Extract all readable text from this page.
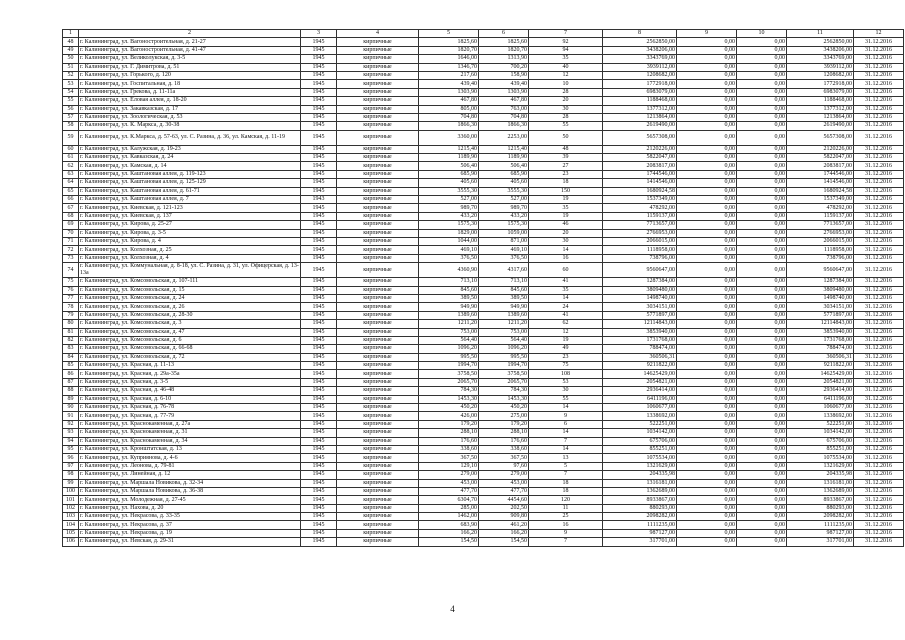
1	2	3	4	5	6	7	8	9	10	11	12
48	г. Калининград, ул. Вагоностроительная, д. 21-27	1945	кирпичные	1825,60	1825,60	92	2562850,00	0,00	0,00	2562850,00	31.12.2016
49	г. Калининград, ул. Вагоностроительная, д. 41-47	1945	кирпичные	1820,70	1820,70	94	3438206,00	0,00	0,00	3438206,00	31.12.2016
50	г. Калининград, ул. Великолукская, д. 3-5	1945	кирпичные	1646,00	1313,90	35	3343769,00	0,00	0,00	3343769,00	31.12.2016
51	г. Калининград, ул. Г. Димитрова, д. 51	1945	кирпичные	1346,70	700,20	40	3939112,00	0,00	0,00	3939112,00	31.12.2016
52	г. Калининград, ул. Горького, д. 120	1945	кирпичные	217,60	158,90	12	1208682,00	0,00	0,00	1208682,00	31.12.2016
53	г. Калининград, ул. Госпитальная, д. 18	1945	кирпичные	439,40	439,40	10	1772918,00	0,00	0,00	1772918,00	31.12.2016
54	г. Калининград, ул. Грекова, д. 11-11а	1945	кирпичные	1303,90	1303,90	28	6983079,00	0,00	0,00	6983079,00	31.12.2016
55	г. Калининград, ул. Еловая аллея, д. 18-20	1945	кирпичные	467,80	467,80	20	1188468,00	0,00	0,00	1188468,00	31.12.2016
56	г. Калининград, ул. Закавказская, д. 17	1945	кирпичные	805,00	763,00	30	1377312,00	0,00	0,00	1377312,00	31.12.2016
57	г. Калининград, ул. Зоологическая, д. 53	1945	кирпичные	704,80	704,80	28	1213864,00	0,00	0,00	1213864,00	31.12.2016
58	г. Калининград, ул. К. Маркса, д. 30-38	1945	кирпичные	1866,30	1866,30	55	2619490,00	0,00	0,00	2619490,00	31.12.2016
59	г. Калининград, ул. К.Маркса, д. 57-63, ул. С. Разина, д. 36, ул. Камская, д. 11-19	1945	кирпичные	3360,00	2253,00	50	5657308,00	0,00	0,00	5657308,00	31.12.2016
60	г. Калининград, ул. Калужская, д. 19-23	1945	кирпичные	1215,40	1215,40	48	2120226,00	0,00	0,00	2120226,00	31.12.2016
61	г. Калининград, ул. Кавказская, д. 24	1945	кирпичные	1189,90	1189,90	39	5822047,00	0,00	0,00	5822047,00	31.12.2016
62	г. Калининград, ул. Камская, д. 14	1945	кирпичные	506,40	506,40	27	2083817,00	0,00	0,00	2083817,00	31.12.2016
63	г. Калининград, ул. Каштановая аллея, д. 119-123	1945	кирпичные	685,90	685,90	23	1744546,00	0,00	0,00	1744546,00	31.12.2016
64	г. Калининград, ул. Каштановая аллея, д. 125-129	1945	кирпичные	405,60	405,60	18	1414546,00	0,00	0,00	1414546,00	31.12.2016
65	г. Калининград, ул. Каштановая аллея, д. 61-71	1945	кирпичные	3555,30	3555,30	150	1680924,58	0,00	0,00	1680924,58	31.12.2016
66	г. Калининград, ул. Каштановая аллея, д. 7	1943	кирпичные	527,00	527,00	19	1537349,00	0,00	0,00	1537349,00	31.12.2016
67	г. Калининград, ул. Киевская, д. 121-123	1945	кирпичные	989,70	989,70	35	478292,00	0,00	0,00	478292,00	31.12.2016
68	г. Калининград, ул. Киевская, д. 137	1945	кирпичные	433,20	433,20	19	1159137,00	0,00	0,00	1159137,00	31.12.2016
69	г. Калининград, ул. Кирова, д. 25-27	1945	кирпичные	1575,30	1575,30	46	7713657,00	0,00	0,00	7713657,00	31.12.2016
70	г. Калининград, ул. Кирова, д. 3-5	1945	кирпичные	1829,00	1059,00	20	2766953,00	0,00	0,00	2766953,00	31.12.2016
71	г. Калининград, ул. Кирова, д. 4	1945	кирпичные	1044,00	871,00	30	2066015,00	0,00	0,00	2066015,00	31.12.2016
72	г. Калининград, ул. Колхозная, д. 25	1945	кирпичные	469,10	469,10	14	1118958,00	0,00	0,00	1118958,00	31.12.2016
73	г. Калининград, ул. Колхозная, д. 4	1945	кирпичные	376,50	376,50	16	738796,00	0,00	0,00	738796,00	31.12.2016
74	г. Калининград, ул. Коммунальная, д. 8-18, ул. С. Разина, д. 31, ул. Офицерская, д. 13-13а	1945	кирпичные	4360,90	4317,60	60	9560647,00	0,00	0,00	9560647,00	31.12.2016
75	г. Калининград, ул. Комсомольская, д. 107-111	1945	кирпичные	713,10	713,10	41	1287384,00	0,00	0,00	1287384,00	31.12.2016
76	г. Калининград, ул. Комсомольская, д. 15	1945	кирпичные	845,60	845,60	35	3809480,00	0,00	0,00	3809480,00	31.12.2016
77	г. Калининград, ул. Комсомольская, д. 24	1945	кирпичные	389,50	389,50	14	1498740,00	0,00	0,00	1498740,00	31.12.2016
78	г. Калининград, ул. Комсомольская, д. 26	1945	кирпичные	949,90	949,90	24	3034151,00	0,00	0,00	3034151,00	31.12.2016
79	г. Калининград, ул. Комсомольская, д. 28-30	1945	кирпичные	1389,60	1389,60	41	5771897,00	0,00	0,00	5771897,00	31.12.2016
80	г. Калининград, ул. Комсомольская, д. 3	1945	кирпичные	1211,20	1211,20	62	12114843,00	0,00	0,00	12114843,00	31.12.2016
81	г. Калининград, ул. Комсомольская, д. 47	1945	кирпичные	753,00	753,00	12	3853940,00	0,00	0,00	3853940,00	31.12.2016
82	г. Калининград, ул. Комсомольская, д. 6	1945	кирпичные	564,40	564,40	19	1731768,00	0,00	0,00	1731768,00	31.12.2016
83	г. Калининград, ул. Комсомольская, д. 66-68	1945	кирпичные	1096,20	1096,20	49	788474,00	0,00	0,00	788474,00	31.12.2016
84	г. Калининград, ул. Комсомольская, д. 72	1945	кирпичные	995,50	995,50	23	360506,31	0,00	0,00	360506,31	31.12.2016
85	г. Калининград, ул. Красная, д. 11-13	1945	кирпичные	1994,70	1994,70	75	9211822,00	0,00	0,00	9211822,00	31.12.2016
86	г. Калининград, ул. Красная, д. 29а-35а	1945	кирпичные	3758,50	3758,50	108	14625429,00	0,00	0,00	14625429,00	31.12.2016
87	г. Калининград, ул. Красная, д. 3-5	1945	кирпичные	2065,70	2065,70	53	2054821,00	0,00	0,00	2054821,00	31.12.2016
88	г. Калининград, ул. Красная, д. 46-48	1945	кирпичные	784,30	784,30	30	2936414,00	0,00	0,00	2936414,00	31.12.2016
89	г. Калининград, ул. Красная, д. 6-10	1945	кирпичные	1453,30	1453,30	55	6411196,00	0,00	0,00	6411196,00	31.12.2016
90	г. Калининград, ул. Красная, д. 76-78	1945	кирпичные	450,20	450,20	14	1060677,00	0,00	0,00	1060677,00	31.12.2016
91	г. Калининград, ул. Красная, д. 77-79	1945	кирпичные	426,00	275,00	9	1338692,00	0,00	0,00	1338692,00	31.12.2016
92	г. Калининград, ул. Краснокаменная, д. 27а	1945	кирпичные	179,20	179,20	6	522251,00	0,00	0,00	522251,00	31.12.2016
93	г. Калининград, ул. Краснокаменная, д. 31	1945	кирпичные	288,10	288,10	14	1034142,00	0,00	0,00	1034142,00	31.12.2016
94	г. Калининград, ул. Краснокаменная, д. 34	1945	кирпичные	176,60	176,60	7	675706,00	0,00	0,00	675706,00	31.12.2016
95	г. Калининград, ул. Кронштатская, д. 13	1945	кирпичные	338,60	338,60	14	855251,00	0,00	0,00	855251,00	31.12.2016
96	г. Калининград, ул. Куприянова, д. 4-6	1945	кирпичные	367,50	367,50	13	1075534,00	0,00	0,00	1075534,00	31.12.2016
97	г. Калининград, ул. Леонова, д. 79-81	1945	кирпичные	129,10	97,60	5	1321629,00	0,00	0,00	1321629,00	31.12.2016
98	г. Калининград, ул. Линейная, д. 12	1945	кирпичные	279,00	279,00	7	204335,98	0,00	0,00	204335,98	31.12.2016
99	г. Калининград, ул. Маршала Новикова, д. 32-34	1945	кирпичные	453,00	453,00	18	1316181,00	0,00	0,00	1316181,00	31.12.2016
100	г. Калининград, ул. Маршала Новикова, д. 36-38	1945	кирпичные	477,70	477,70	18	1362689,00	0,00	0,00	1362689,00	31.12.2016
101	г. Калининград, ул. Молодежная, д. 27-45	1945	кирпичные	6304,70	4454,60	120	8933867,00	0,00	0,00	8933867,00	31.12.2016
102	г. Калининград, ул. Нахова, д. 20	1945	кирпичные	285,00	202,50	11	880293,00	0,00	0,00	880293,00	31.12.2016
103	г. Калининград, ул. Некрасова, д. 33-35	1945	кирпичные	1462,00	909,80	25	2098282,00	0,00	0,00	2098282,00	31.12.2016
104	г. Калининград, ул. Некрасова, д. 37	1945	кирпичные	683,90	461,20	16	1111235,00	0,00	0,00	1111235,00	31.12.2016
105	г. Калининград, ул. Некрасова, д. 19	1945	кирпичные	166,20	166,20	9	987127,00	0,00	0,00	987127,00	31.12.2016
106	г. Калининград, ул. Невская, д. 29-31	1945	кирпичные	154,50	154,50	7	317701,00	0,00	0,00	317701,00	31.12.2016
4
